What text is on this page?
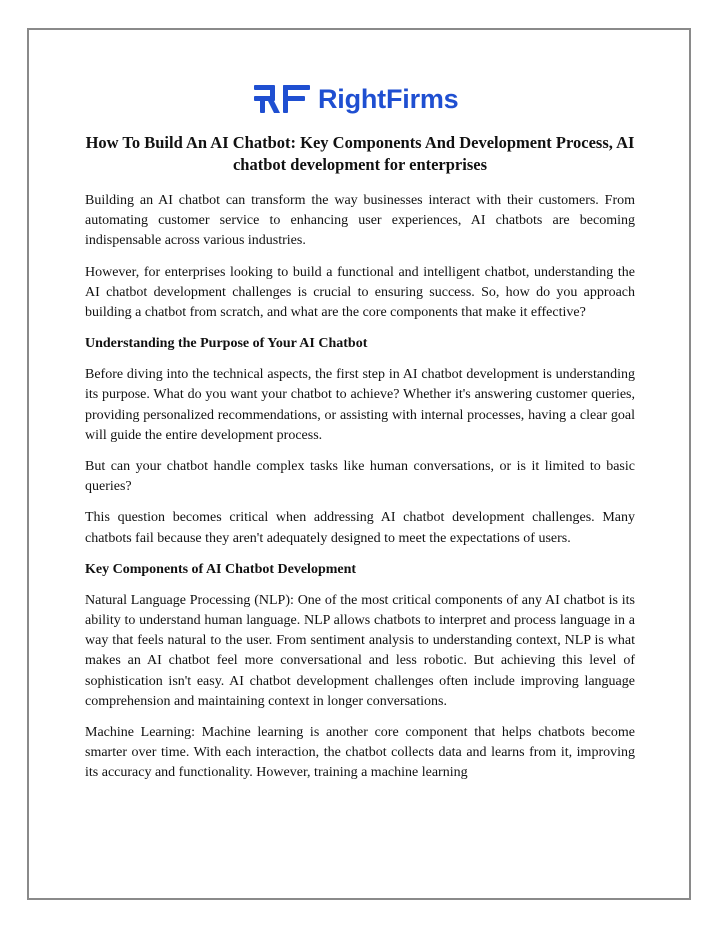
RightFirms
How To Build An AI Chatbot: Key Components And Development Process, AI chatbot development for enterprises

Building an AI chatbot can transform the way businesses interact with their customers. From automating customer service to enhancing user experiences, AI chatbots are becoming indispensable across various industries.

However, for enterprises looking to build a functional and intelligent chatbot, understanding the AI chatbot development challenges is crucial to ensuring success. So, how do you approach building a chatbot from scratch, and what are the core components that make it effective?

Understanding the Purpose of Your AI Chatbot

Before diving into the technical aspects, the first step in AI chatbot development is understanding its purpose. What do you want your chatbot to achieve? Whether it's answering customer queries, providing personalized recommendations, or assisting with internal processes, having a clear goal will guide the entire development process.

But can your chatbot handle complex tasks like human conversations, or is it limited to basic queries?

This question becomes critical when addressing AI chatbot development challenges. Many chatbots fail because they aren't adequately designed to meet the expectations of users.

Key Components of AI Chatbot Development

Natural Language Processing (NLP): One of the most critical components of any AI chatbot is its ability to understand human language. NLP allows chatbots to interpret and process language in a way that feels natural to the user. From sentiment analysis to understanding context, NLP is what makes an AI chatbot feel more conversational and less robotic. But achieving this level of sophistication isn't easy. AI chatbot development challenges often include improving language comprehension and maintaining context in longer conversations.

Machine Learning: Machine learning is another core component that helps chatbots become smarter over time. With each interaction, the chatbot collects data and learns from it, improving its accuracy and functionality. However, training a machine learning
